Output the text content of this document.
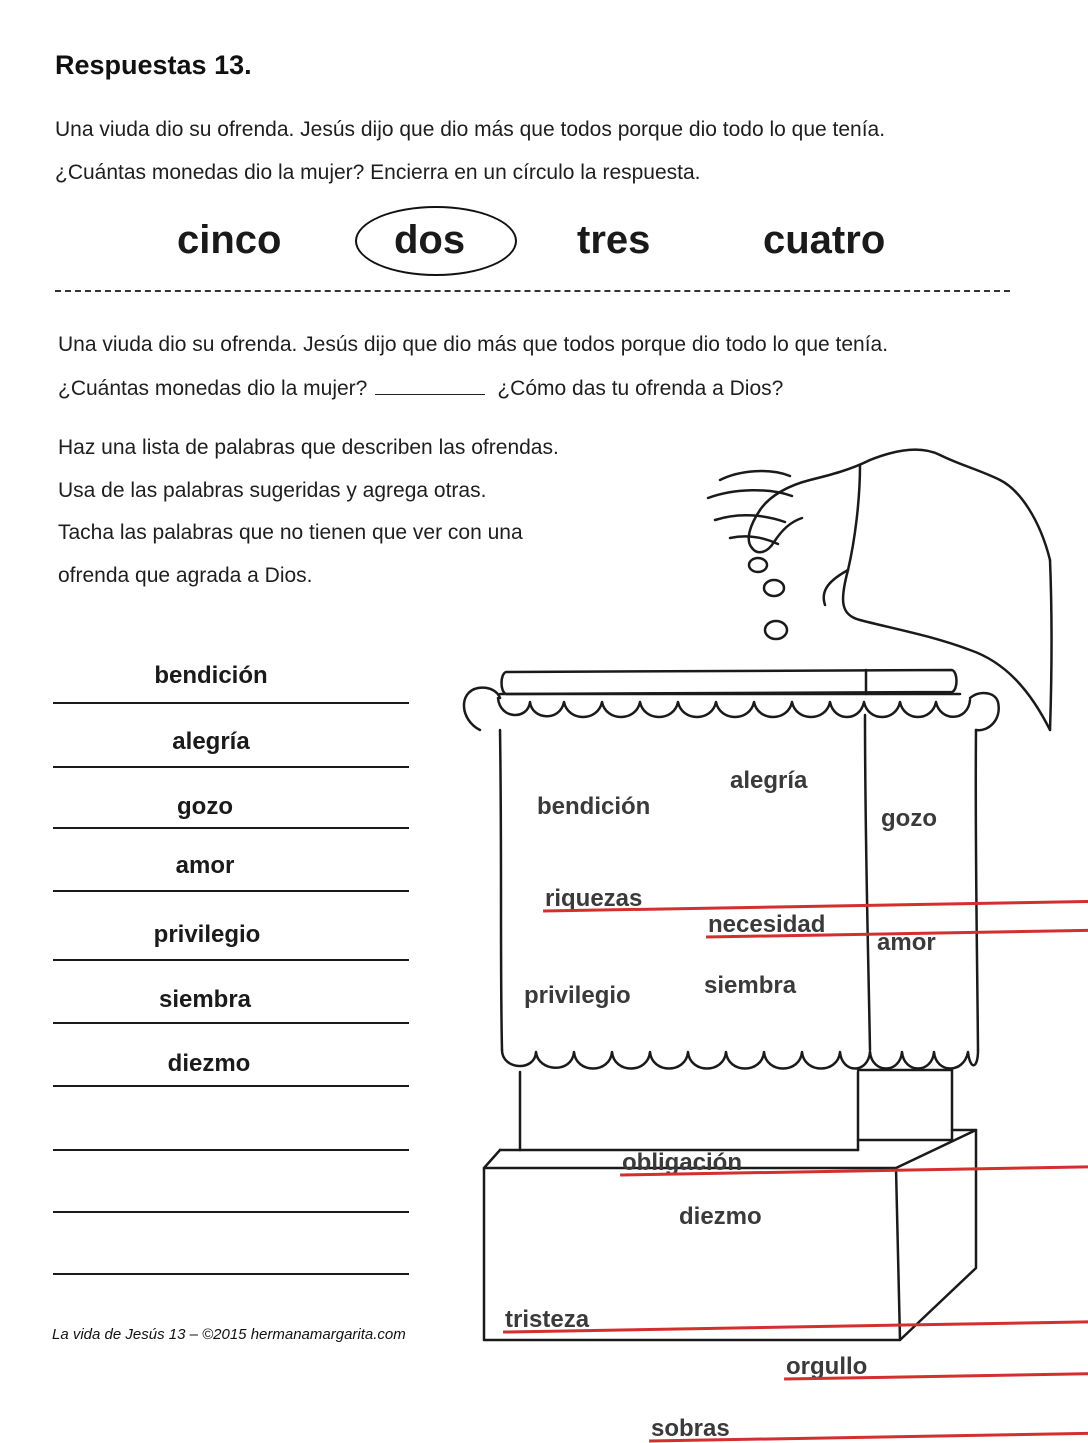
Respuestas 13.
Una viuda dio su ofrenda. Jesús dijo que dio más que todos porque dio todo lo que tenía.
¿Cuántas monedas dio la mujer? Encierra en un círculo la respuesta.
cinco	dos	tres	cuatro
Una viuda dio su ofrenda. Jesús dijo que dio más que todos porque dio todo lo que tenía.
¿Cuántas monedas dio la mujer?	¿Cómo das tu ofrenda a Dios?
Haz una lista de palabras que describen las ofrendas.
Usa de las palabras sugeridas y agrega otras.
Tacha las palabras que no tienen que ver con una
ofrenda que agrada a Dios.
bendición
alegría
gozo
amor
privilegio
siembra
diezmo
bendición
alegría
gozo
riquezas
necesidad
amor
privilegio	siembra
obligación
diezmo
tristeza
orgullo
sobras
La vida de Jesús 13 – ©2015 hermanamargarita.com
